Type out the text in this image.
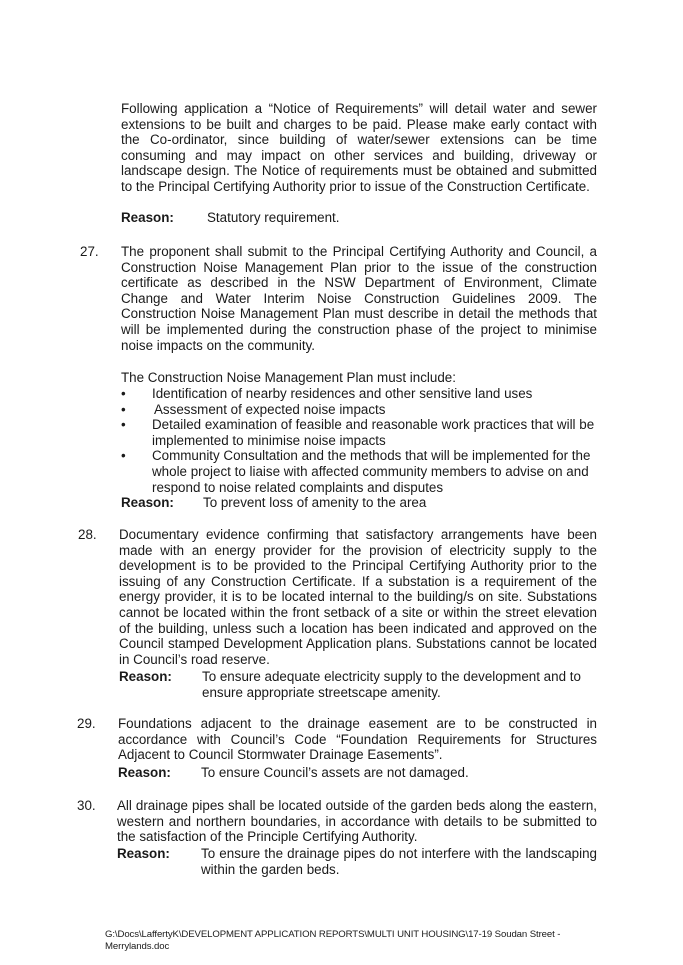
Following application a “Notice of Requirements” will detail water and sewer extensions to be built and charges to be paid. Please make early contact with the Co-ordinator, since building of water/sewer extensions can be time consuming and may impact on other services and building, driveway or landscape design. The Notice of requirements must be obtained and submitted to the Principal Certifying Authority prior to issue of the Construction Certificate.
Reason:	Statutory requirement.
27. The proponent shall submit to the Principal Certifying Authority and Council, a Construction Noise Management Plan prior to the issue of the construction certificate as described in the NSW Department of Environment, Climate Change and Water Interim Noise Construction Guidelines 2009. The Construction Noise Management Plan must describe in detail the methods that will be implemented during the construction phase of the project to minimise noise impacts on the community.
The Construction Noise Management Plan must include:
• Identification of nearby residences and other sensitive land uses
• Assessment of expected noise impacts
• Detailed examination of feasible and reasonable work practices that will be implemented to minimise noise impacts
• Community Consultation and the methods that will be implemented for the whole project to liaise with affected community members to advise on and respond to noise related complaints and disputes
Reason:	To prevent loss of amenity to the area
28. Documentary evidence confirming that satisfactory arrangements have been made with an energy provider for the provision of electricity supply to the development is to be provided to the Principal Certifying Authority prior to the issuing of any Construction Certificate. If a substation is a requirement of the energy provider, it is to be located internal to the building/s on site. Substations cannot be located within the front setback of a site or within the street elevation of the building, unless such a location has been indicated and approved on the Council stamped Development Application plans. Substations cannot be located in Council’s road reserve.
Reason:	To ensure adequate electricity supply to the development and to ensure appropriate streetscape amenity.
29. Foundations adjacent to the drainage easement are to be constructed in accordance with Council’s Code “Foundation Requirements for Structures Adjacent to Council Stormwater Drainage Easements”.
Reason:	To ensure Council’s assets are not damaged.
30. All drainage pipes shall be located outside of the garden beds along the eastern, western and northern boundaries, in accordance with details to be submitted to the satisfaction of the Principle Certifying Authority.
Reason:	To ensure the drainage pipes do not interfere with the landscaping within the garden beds.
G:\Docs\LaffertyK\DEVELOPMENT APPLICATION REPORTS\MULTI UNIT HOUSING\17-19 Soudan Street - Merrylands.doc
